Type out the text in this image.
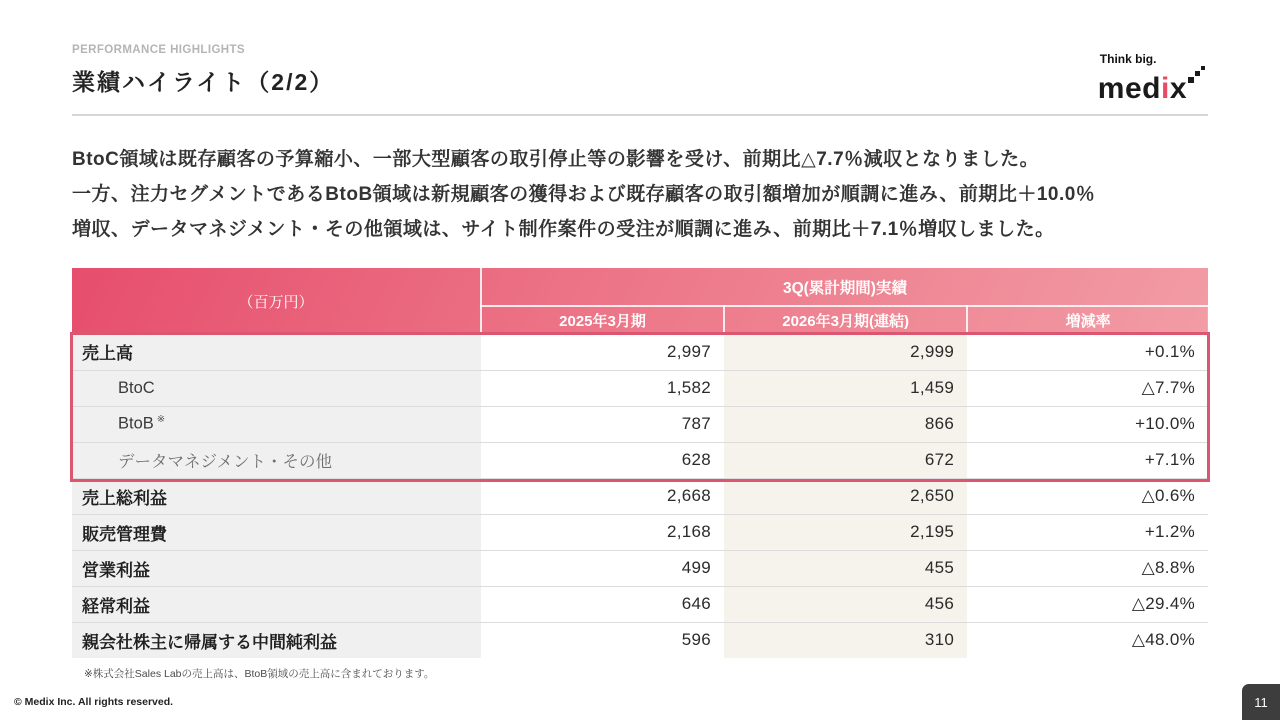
PERFORMANCE HIGHLIGHTS
業績ハイライト（2/2）
Think big.
medix
BtoC領域は既存顧客の予算縮小、一部大型顧客の取引停止等の影響を受け、前期比△7.7％減収となりました。
一方、注力セグメントであるBtoB領域は新規顧客の獲得および既存顧客の取引額増加が順調に進み、前期比＋10.0％
増収、データマネジメント・その他領域は、サイト制作案件の受注が順調に進み、前期比＋7.1％増収しました。
（百万円）	3Q(累計期間)実績		
	2025年3月期	2026年3月期(連結)	増減率
売上高	2,997	2,999	+0.1%
BtoC	1,582	1,459	△7.7%
BtoB ※	787	866	+10.0%
データマネジメント・その他	628	672	+7.1%
売上総利益	2,668	2,650	△0.6%
販売管理費	2,168	2,195	+1.2%
営業利益	499	455	△8.8%
経常利益	646	456	△29.4%
親会社株主に帰属する中間純利益	596	310	△48.0%
※株式会社Sales Labの売上高は、BtoB領域の売上高に含まれております。
© Medix Inc. All rights reserved.	11
